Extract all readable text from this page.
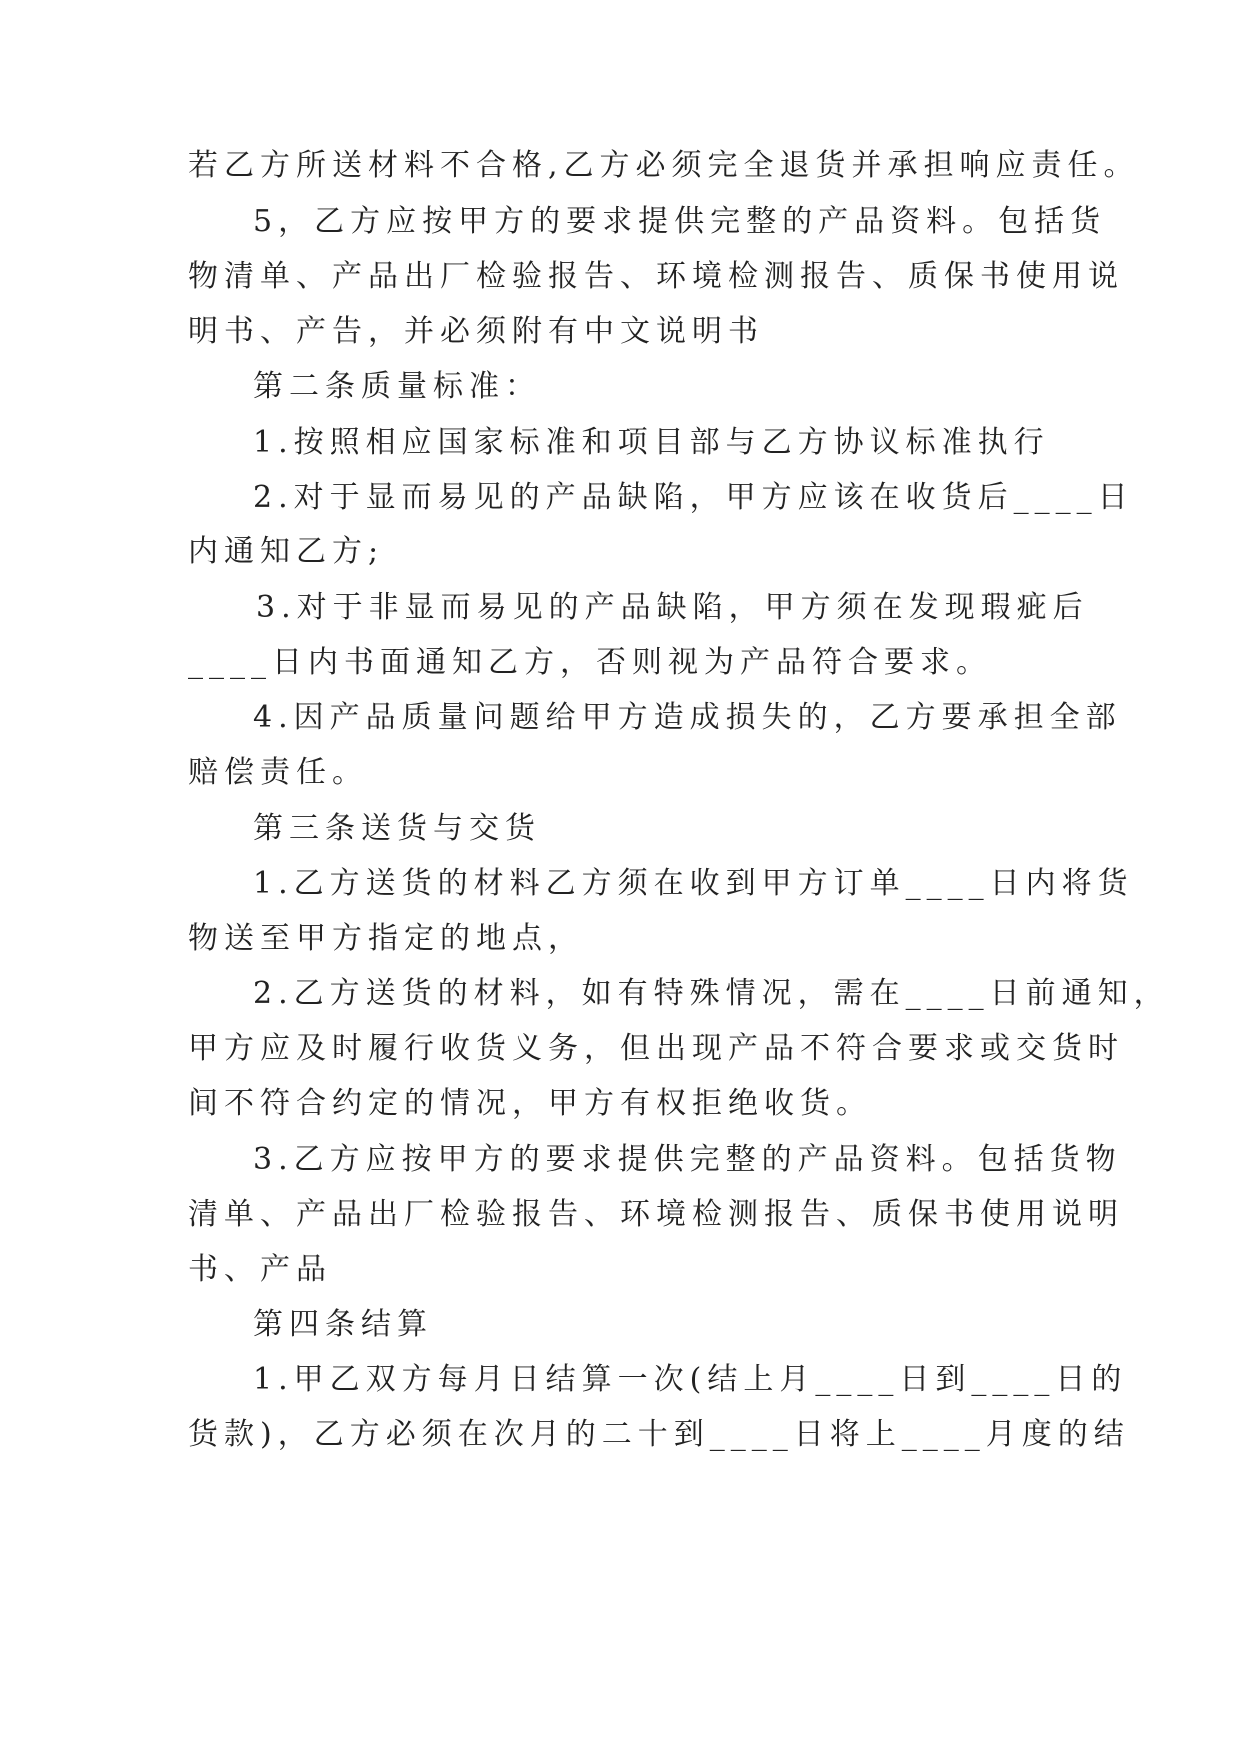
若乙方所送材料不合格,乙方必须完全退货并承担响应责任。
5，乙方应按甲方的要求提供完整的产品资料。包括货
物清单、产品出厂检验报告、环境检测报告、质保书使用说
明书、产告，并必须附有中文说明书
第二条质量标准：
1.按照相应国家标准和项目部与乙方协议标准执行
2.对于显而易见的产品缺陷，甲方应该在收货后____日
内通知乙方;
3.对于非显而易见的产品缺陷，甲方须在发现瑕疵后
____日内书面通知乙方，否则视为产品符合要求。
4.因产品质量问题给甲方造成损失的，乙方要承担全部
赔偿责任。
第三条送货与交货
1.乙方送货的材料乙方须在收到甲方订单____日内将货
物送至甲方指定的地点，
2.乙方送货的材料，如有特殊情况，需在____日前通知，
甲方应及时履行收货义务，但出现产品不符合要求或交货时
间不符合约定的情况，甲方有权拒绝收货。
3.乙方应按甲方的要求提供完整的产品资料。包括货物
清单、产品出厂检验报告、环境检测报告、质保书使用说明
书、产品
第四条结算
1.甲乙双方每月日结算一次(结上月____日到____日的
货款)，乙方必须在次月的二十到____日将上____月度的结
